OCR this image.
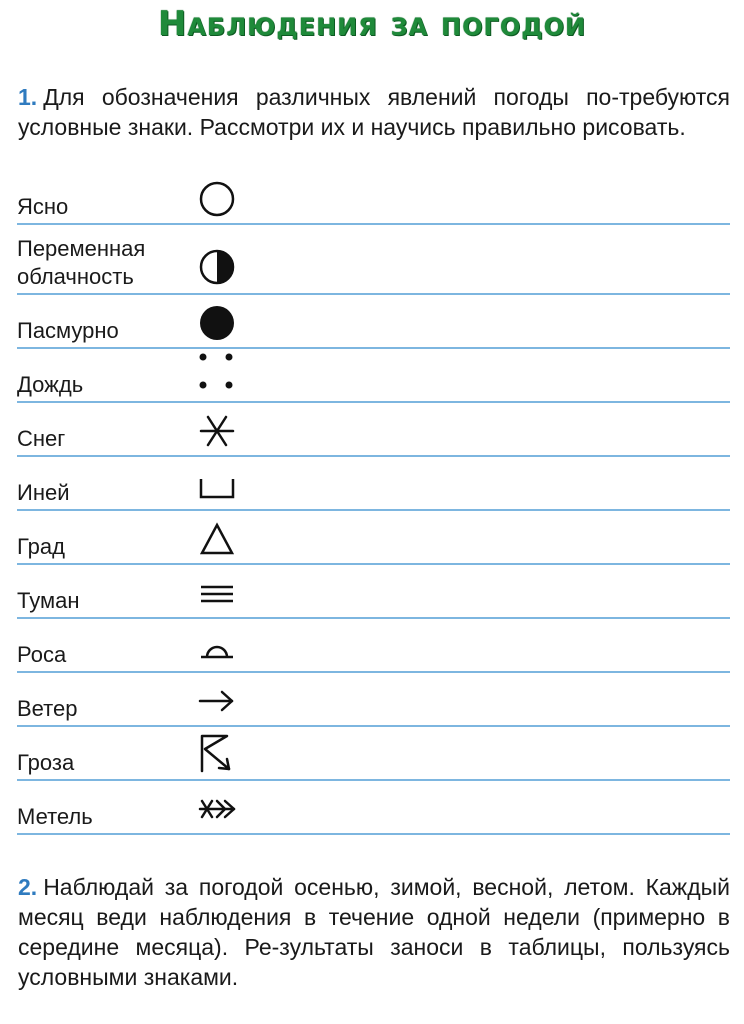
Наблюдения за погодой
1. Для обозначения различных явлений погоды по-требуются условные знаки. Рассмотри их и научись правильно рисовать.
Ясно
Переменная
облачность
Пасмурно
Дождь
Снег
Иней
Град
Туман
Роса
Ветер
Гроза
Метель
2. Наблюдай за погодой осенью, зимой, весной, летом. Каждый месяц веди наблюдения в течение одной недели (примерно в середине месяца). Ре-зультаты заноси в таблицы, пользуясь условными знаками.
